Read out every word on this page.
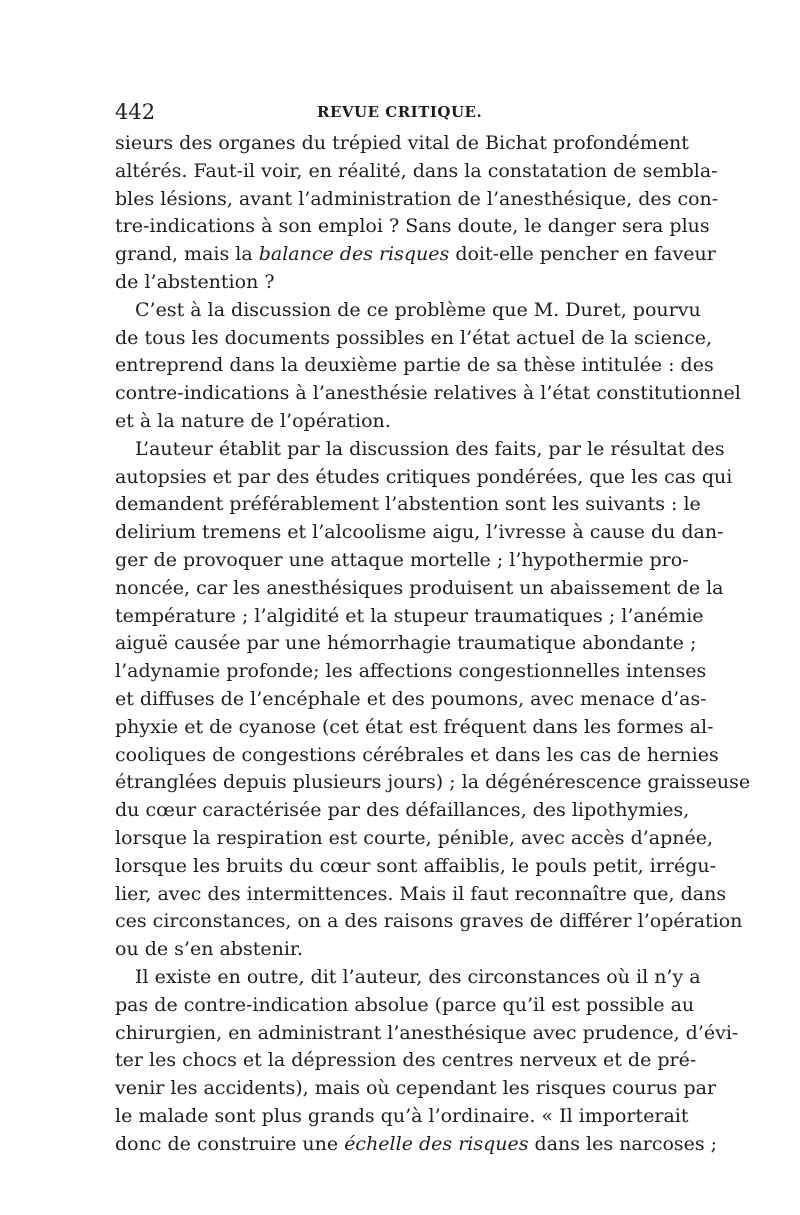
442	REVUE CRITIQUE.
sieurs des organes du trépied vital de Bichat profondément
altérés. Faut-il voir, en réalité, dans la constatation de sembla-
bles lésions, avant l’administration de l’anesthésique, des con-
tre-indications à son emploi ? Sans doute, le danger sera plus
grand, mais la balance des risques doit-elle pencher en faveur
de l’abstention ?
C’est à la discussion de ce problème que M. Duret, pourvu
de tous les documents possibles en l’état actuel de la science,
entreprend dans la deuxième partie de sa thèse intitulée : des
contre-indications à l’anesthésie relatives à l’état constitutionnel
et à la nature de l’opération.
L’auteur établit par la discussion des faits, par le résultat des
autopsies et par des études critiques pondérées, que les cas qui
demandent préférablement l’abstention sont les suivants : le
delirium tremens et l’alcoolisme aigu, l’ivresse à cause du dan-
ger de provoquer une attaque mortelle ; l’hypothermie pro-
noncée, car les anesthésiques produisent un abaissement de la
température ; l’algidité et la stupeur traumatiques ; l’anémie
aiguë causée par une hémorrhagie traumatique abondante ;
l’adynamie profonde; les affections congestionnelles intenses
et diffuses de l’encéphale et des poumons, avec menace d’as-
phyxie et de cyanose (cet état est fréquent dans les formes al-
cooliques de congestions cérébrales et dans les cas de hernies
étranglées depuis plusieurs jours) ; la dégénérescence graisseuse
du cœur caractérisée par des défaillances, des lipothymies,
lorsque la respiration est courte, pénible, avec accès d’apnée,
lorsque les bruits du cœur sont affaiblis, le pouls petit, irrégu-
lier, avec des intermittences. Mais il faut reconnaître que, dans
ces circonstances, on a des raisons graves de différer l’opération
ou de s’en abstenir.
Il existe en outre, dit l’auteur, des circonstances où il n’y a
pas de contre-indication absolue (parce qu’il est possible au
chirurgien, en administrant l’anesthésique avec prudence, d’évi-
ter les chocs et la dépression des centres nerveux et de pré-
venir les accidents), mais où cependant les risques courus par
le malade sont plus grands qu’à l’ordinaire. « Il importerait
donc de construire une échelle des risques dans les narcoses ;
